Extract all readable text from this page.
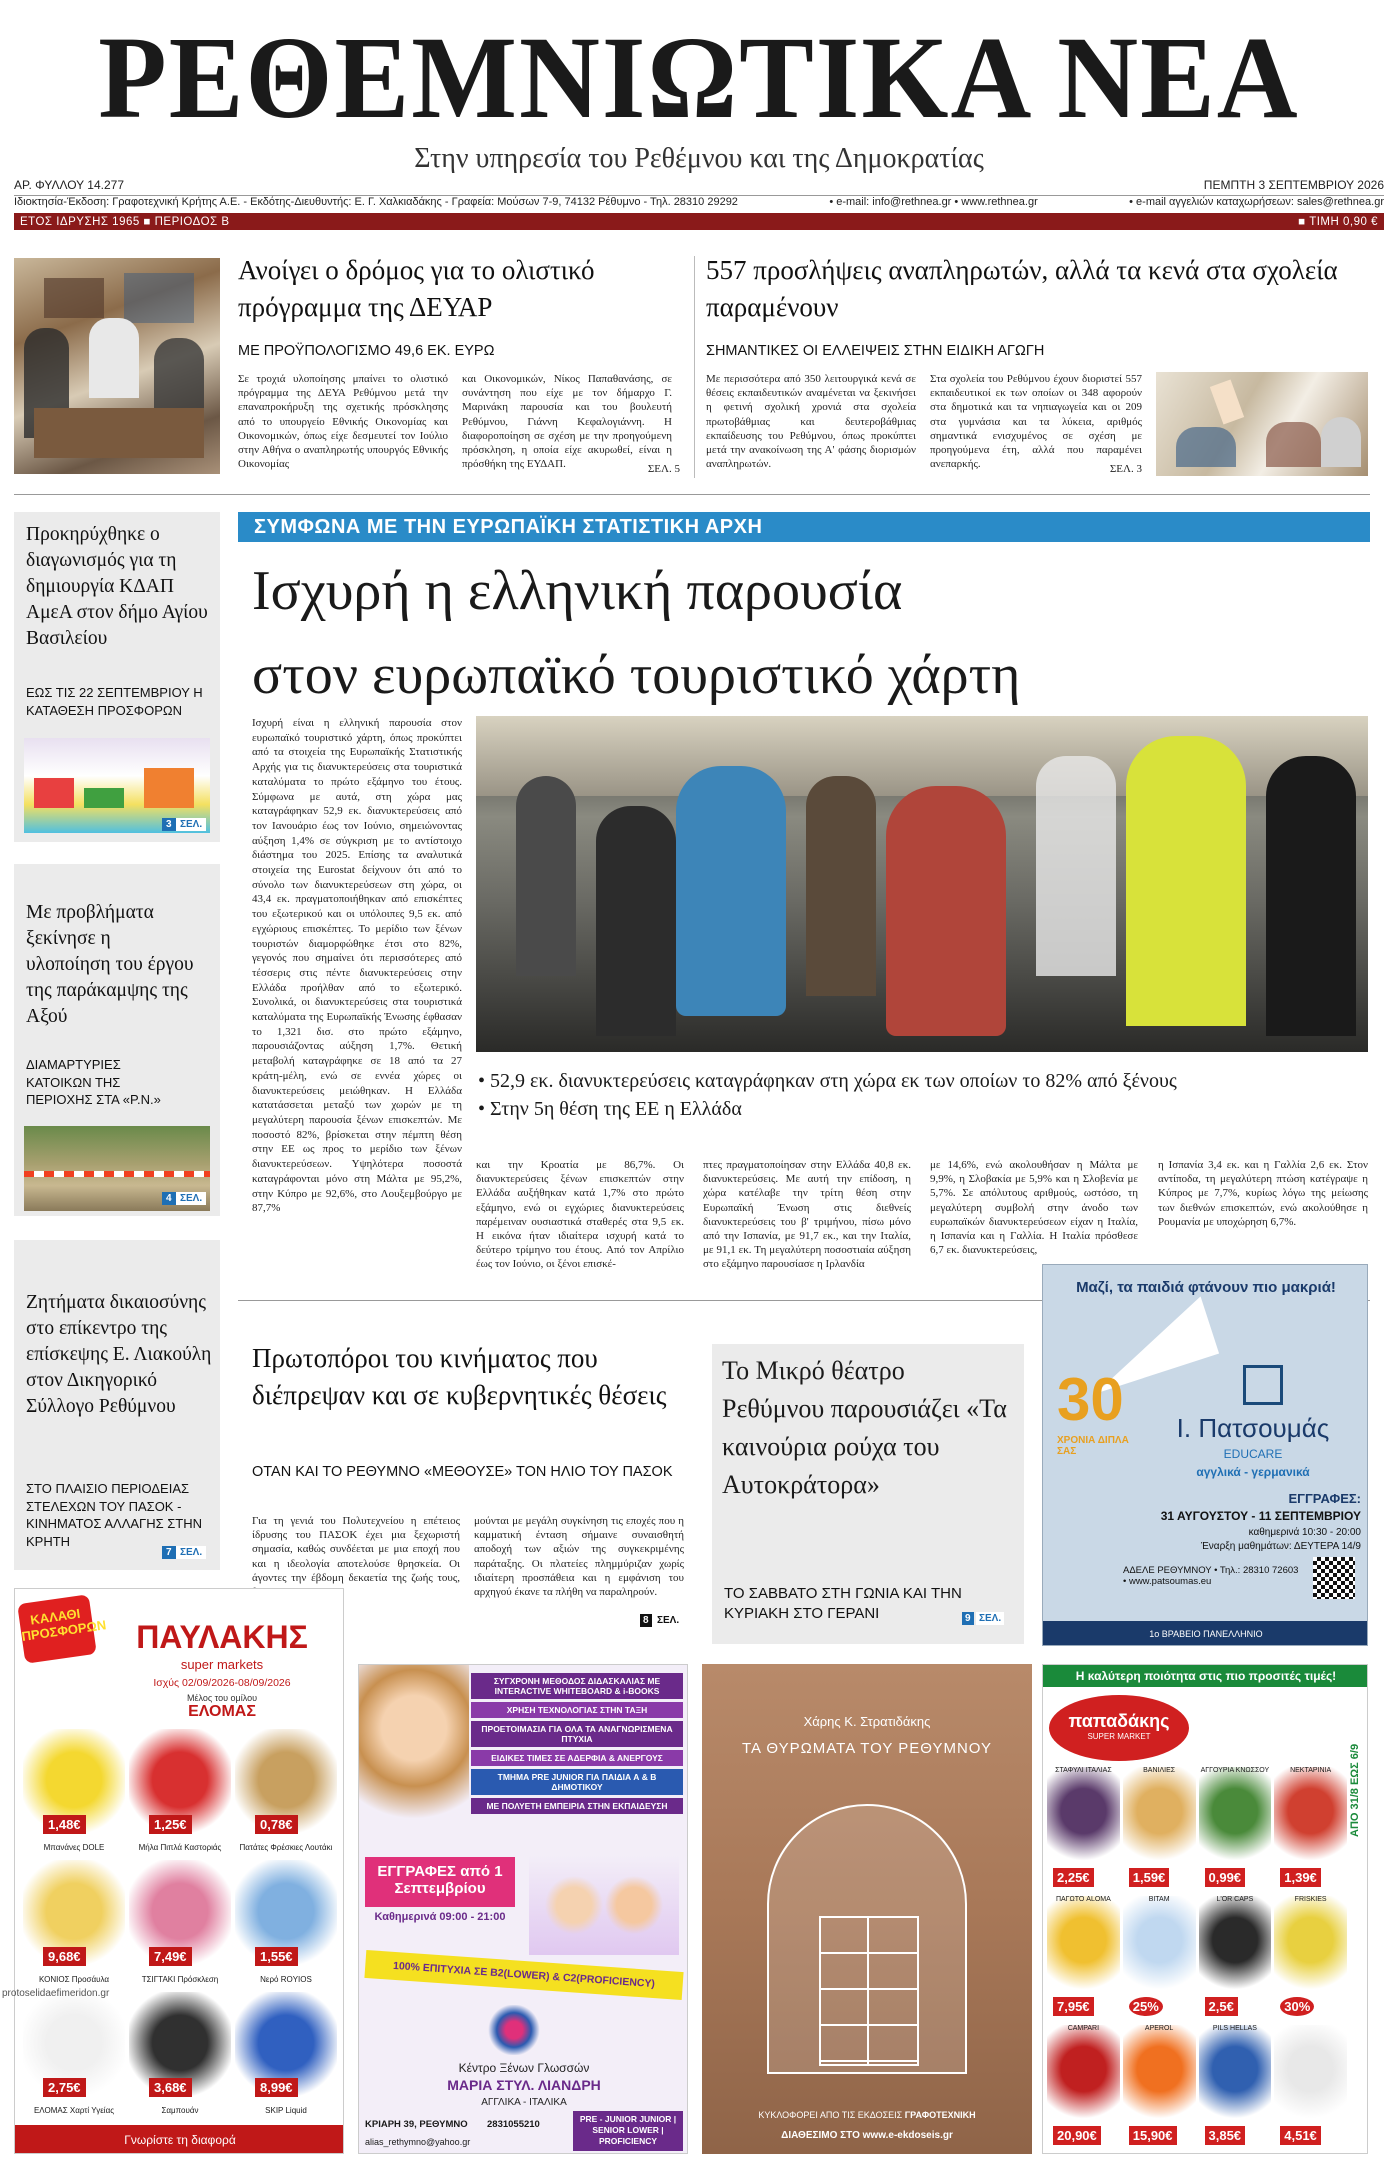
ΡΕΘΕΜΝΙΩΤΙΚΑ ΝΕΑ
Στην υπηρεσία του Ρεθέμνου και της Δημοκρατίας
ΑΡ. ΦΥΛΛΟΥ 14.277	ΠΕΜΠΤΗ 3 ΣΕΠΤΕΜΒΡΙΟΥ 2026
Ιδιοκτησία-Έκδοση: Γραφοτεχνική Κρήτης Α.Ε. - Εκδότης-Διευθυντής: Ε. Γ. Χαλκιαδάκης - Γραφεία: Μούσων 7-9, 74132 Ρέθυμνο - Τηλ. 28310 29292	• e-mail: info@rethnea.gr • www.rethnea.gr	• e-mail αγγελιών καταχωρήσεων: sales@rethnea.gr
ΕΤΟΣ ΙΔΡΥΣΗΣ 1965 ■ ΠΕΡΙΟΔΟΣ Β	■ ΤΙΜΗ 0,90 €
Ανοίγει ο δρόμος για το ολιστικό πρόγραμμα της ΔΕΥΑΡ
ΜΕ ΠΡΟΫΠΟΛΟΓΙΣΜΟ 49,6 ΕΚ. ΕΥΡΩ
Σε τροχιά υλοποίησης μπαίνει το ολιστικό πρόγραμμα της ΔΕΥΑ Ρεθύμνου μετά την επαναπροκήρυξη της σχετικής πρόσκλησης από το υπουργείο Εθνικής Οικονομίας και Οικονομικών, όπως είχε δεσμευτεί τον Ιούλιο στην Αθήνα ο αναπληρωτής υπουργός Εθνικής Οικονομίας
και Οικονομικών, Νίκος Παπαθανάσης, σε συνάντηση που είχε με τον δήμαρχο Γ. Μαρινάκη παρουσία και του βουλευτή Ρεθύμνου, Γιάννη Κεφαλογιάννη. Η διαφοροποίηση σε σχέση με την προηγούμενη πρόσκληση, η οποία είχε ακυρωθεί, είναι η πρόσθήκη της ΕΥΔΑΠ.	ΣΕΛ. 5
557 προσλήψεις αναπληρωτών, αλλά τα κενά στα σχολεία παραμένουν
ΣΗΜΑΝΤΙΚΕΣ ΟΙ ΕΛΛΕΙΨΕΙΣ ΣΤΗΝ ΕΙΔΙΚΗ ΑΓΩΓΗ
Με περισσότερα από 350 λειτουργικά κενά σε θέσεις εκπαιδευτικών αναμένεται να ξεκινήσει η φετινή σχολική χρονιά στα σχολεία πρωτοβάθμιας και δευτεροβάθμιας εκπαίδευσης του Ρεθύμνου, όπως προκύπτει μετά την ανακοίνωση της Α' φάσης διορισμών αναπληρωτών.
Στα σχολεία του Ρεθύμνου έχουν διοριστεί 557 εκπαιδευτικοί εκ των οποίων οι 348 αφορούν στα δημοτικά και τα νηπιαγωγεία και οι 209 στα γυμνάσια και τα λύκεια, αριθμός σημαντικά ενισχυμένος σε σχέση με προηγούμενα έτη, αλλά που παραμένει ανεπαρκής.	ΣΕΛ. 3
Προκηρύχθηκε ο διαγωνισμός για τη δημιουργία ΚΔΑΠ ΑμεΑ στον δήμο Αγίου Βασιλείου
ΕΩΣ ΤΙΣ 22 ΣΕΠΤΕΜΒΡΙΟΥ Η ΚΑΤΑΘΕΣΗ ΠΡΟΣΦΟΡΩΝ
3 ΣΕΛ.
Με προβλήματα ξεκίνησε η υλοποίηση του έργου της παράκαμψης της Αξού
ΔΙΑΜΑΡΤΥΡΙΕΣ ΚΑΤΟΙΚΩΝ ΤΗΣ ΠΕΡΙΟΧΗΣ ΣΤΑ «Ρ.Ν.»
4 ΣΕΛ.
Ζητήματα δικαιοσύνης στο επίκεντρο της επίσκεψης Ε. Λιακούλη στον Δικηγορικό Σύλλογο Ρεθύμνου
ΣΤΟ ΠΛΑΙΣΙΟ ΠΕΡΙΟΔΕΙΑΣ ΣΤΕΛΕΧΩΝ ΤΟΥ ΠΑΣΟΚ - ΚΙΝΗΜΑΤΟΣ ΑΛΛΑΓΗΣ ΣΤΗΝ ΚΡΗΤΗ
7 ΣΕΛ.
ΣΥΜΦΩΝΑ ΜΕ ΤΗΝ ΕΥΡΩΠΑΪΚΗ ΣΤΑΤΙΣΤΙΚΗ ΑΡΧΗ
Ισχυρή η ελληνική παρουσία
στον ευρωπαϊκό τουριστικό χάρτη
Ισχυρή είναι η ελληνική παρουσία στον ευρωπαϊκό τουριστικό χάρτη, όπως προκύπτει από τα στοιχεία της Ευρωπαϊκής Στατιστικής Αρχής για τις διανυκτερεύσεις στα τουριστικά καταλύματα το πρώτο εξάμηνο του έτους. Σύμφωνα με αυτά, στη χώρα μας καταγράφηκαν 52,9 εκ. διανυκτερεύσεις από τον Ιανουάριο έως τον Ιούνιο, σημειώνοντας αύξηση 1,4% σε σύγκριση με το αντίστοιχο διάστημα του 2025. Επίσης τα αναλυτικά στοιχεία της Eurostat δείχνουν ότι από το σύνολο των διανυκτερεύσεων στη χώρα, οι 43,4 εκ. πραγματοποιήθηκαν από επισκέπτες του εξωτερικού και οι υπόλοιπες 9,5 εκ. από εγχώριους επισκέπτες. Το μερίδιο των ξένων τουριστών διαμορφώθηκε έτσι στο 82%, γεγονός που σημαίνει ότι περισσότερες από τέσσερις στις πέντε διανυκτερεύσεις στην Ελλάδα προήλθαν από το εξωτερικό. Συνολικά, οι διανυκτερεύσεις στα τουριστικά καταλύματα της Ευρωπαϊκής Ένωσης έφθασαν το 1,321 δισ. στο πρώτο εξάμηνο, παρουσιάζοντας αύξηση 1,7%. Θετική μεταβολή καταγράφηκε σε 18 από τα 27 κράτη-μέλη, ενώ σε εννέα χώρες οι διανυκτερεύσεις μειώθηκαν. Η Ελλάδα κατατάσσεται μεταξύ των χωρών με τη μεγαλύτερη παρουσία ξένων επισκεπτών. Με ποσοστό 82%, βρίσκεται στην πέμπτη θέση στην ΕΕ ως προς το μερίδιο των ξένων διανυκτερεύσεων. Υψηλότερα ποσοστά καταγράφονται μόνο στη Μάλτα με 95,2%, στην Κύπρο με 92,6%, στο Λουξεμβούργο με 87,7%
• 52,9 εκ. διανυκτερεύσεις καταγράφηκαν στη χώρα εκ των οποίων το 82% από ξένους
• Στην 5η θέση της ΕΕ η Ελλάδα
και την Κροατία με 86,7%. Οι διανυκτερεύσεις ξένων επισκεπτών στην Ελλάδα αυξήθηκαν κατά 1,7% στο πρώτο εξάμηνο, ενώ οι εγχώριες διανυκτερεύσεις παρέμειναν ουσιαστικά σταθερές στα 9,5 εκ. Η εικόνα ήταν ιδιαίτερα ισχυρή κατά το δεύτερο τρίμηνο του έτους. Από τον Απρίλιο έως τον Ιούνιο, οι ξένοι επισκέ-
πτες πραγματοποίησαν στην Ελλάδα 40,8 εκ. διανυκτερεύσεις. Με αυτή την επίδοση, η χώρα κατέλαβε την τρίτη θέση στην Ευρωπαϊκή Ένωση στις διεθνείς διανυκτερεύσεις του β' τριμήνου, πίσω μόνο από την Ισπανία, με 91,7 εκ., και την Ιταλία, με 91,1 εκ. Τη μεγαλύτερη ποσοστιαία αύξηση στο εξάμηνο παρουσίασε η Ιρλανδία
με 14,6%, ενώ ακολουθήσαν η Μάλτα με 9,9%, η Σλοβακία με 5,9% και η Σλοβενία με 5,7%. Σε απόλυτους αριθμούς, ωστόσο, τη μεγαλύτερη συμβολή στην άνοδο των ευρωπαϊκών διανυκτερεύσεων είχαν η Ιταλία, η Ισπανία και η Γαλλία. Η Ιταλία πρόσθεσε 6,7 εκ. διανυκτερεύσεις,
η Ισπανία 3,4 εκ. και η Γαλλία 2,6 εκ. Στον αντίποδα, τη μεγαλύτερη πτώση κατέγραψε η Κύπρος με 7,7%, κυρίως λόγω της μείωσης των διεθνών επισκεπτών, ενώ ακολούθησε η Ρουμανία με υποχώρηση 6,7%.
Πρωτοπόροι του κινήματος που διέπρεψαν και σε κυβερνητικές θέσεις
ΟΤΑΝ ΚΑΙ ΤΟ ΡΕΘΥΜΝΟ «ΜΕΘΟΥΣΕ» ΤΟΝ ΗΛΙΟ ΤΟΥ ΠΑΣΟΚ
Για τη γενιά του Πολυτεχνείου η επέτειος ίδρυσης του ΠΑΣΟΚ έχει μια ξεχωριστή σημασία, καθώς συνδέεται με μια εποχή που και η ιδεολογία αποτελούσε θρησκεία. Οι άγοντες την έβδομη δεκαετία της ζωής τους,
μούνται με μεγάλη συγκίνηση τις εποχές που η καμματική ένταση σήμαινε συναισθητή αποδοχή των αξιών της συγκεκριμένης παράταξης. Οι πλατείες πλημμύριζαν χωρίς ιδιαίτερη προσπάθεια και η εμφάνιση του αρχηγού έκανε τα πλήθη να παραληρούν.
8 ΣΕΛ.
Το Μικρό θέατρο Ρεθύμνου παρουσιάζει «Τα καινούρια ρούχα του Αυτοκράτορα»
ΤΟ ΣΑΒΒΑΤΟ ΣΤΗ ΓΩΝΙΑ ΚΑΙ ΤΗΝ ΚΥΡΙΑΚΗ ΣΤΟ ΓΕΡΑΝΙ	9 ΣΕΛ.
Μαζί, τα παιδιά φτάνουν πιο μακριά!
30
ΧΡΟΝΙΑ ΔΙΠΛΑ ΣΑΣ
Ι. Πατσουμάς
EDUCARE
αγγλικά - γερμανικά
ΕΓΓΡΑΦΕΣ:
31 ΑΥΓΟΥΣΤΟΥ - 11 ΣΕΠΤΕΜΒΡΙΟΥ
καθημερινά 10:30 - 20:00
Έναρξη μαθημάτων: ΔΕΥΤΕΡΑ 14/9
ΑΔΕΛΕ ΡΕΘΥΜΝΟΥ • Τηλ.: 28310 72603 • www.patsoumas.eu
1ο ΒΡΑΒΕΙΟ ΠΑΝΕΛΛΗΝΙΟ
ΚΑΛΑΘΙ ΠΡΟΣΦΟΡΩΝ ΠΑΥΛΑΚΗΣ
super markets
Ισχύς 02/09/2026-08/09/2026
Μέλος του ομίλου
ΕΛΟΜΑΣ
1,48€
Μπανάνες DOLE
1,25€
Μήλα Πιπλά Καστοριάς
0,78€
Πατάτες Φρέσκιες Λουτάκι
9,68€
ΚΟΝΙΟΣ Προσάυλα
7,49€
ΤΣΙΓΤΑΚΙ Πρόσκλεση
1,55€
Νερό ROYIOS
2,75€
ΕΛΟΜΑΣ Χαρτί Υγείας
3,68€
Σαμπουάν
8,99€
SKIP Liquid
Γνωρίστε τη διαφορά
protoselidaefimeridon.gr
ΣΥΓΧΡΟΝΗ ΜΕΘΟΔΟΣ ΔΙΔΑΣΚΑΛΙΑΣ ΜΕ INTERACTIVE WHITEBOARD & i-BOOKS
ΧΡΗΣΗ ΤΕΧΝΟΛΟΓΙΑΣ ΣΤΗΝ ΤΑΞΗ
ΠΡΟΕΤΟΙΜΑΣΙΑ ΓΙΑ ΟΛΑ ΤΑ ΑΝΑΓΝΩΡΙΣΜΕΝΑ ΠΤΥΧΙΑ
ΕΙΔΙΚΕΣ ΤΙΜΕΣ ΣΕ ΑΔΕΡΦΙΑ & ΑΝΕΡΓΟΥΣ
ΤΜΗΜΑ PRE JUNIOR ΓΙΑ ΠΑΙΔΙΑ Α & Β ΔΗΜΟΤΙΚΟΥ
ΜΕ ΠΟΛΥΕΤΗ ΕΜΠΕΙΡΙΑ ΣΤΗΝ ΕΚΠΑΙΔΕΥΣΗ
ΕΓΓΡΑΦΕΣ από 1 Σεπτεμβρίου
Καθημερινά 09:00 - 21:00
100% ΕΠΙΤΥΧΙΑ ΣΕ B2(LOWER) & C2(PROFICIENCY)
Κέντρο Ξένων Γλωσσών
ΜΑΡΙΑ ΣΤΥΛ. ΛΙΑΝΔΡΗ
ΑΓΓΛΙΚΑ - ΙΤΑΛΙΚΑ
ΚΡΙΑΡΗ 39, ΡΕΘΥΜΝΟ	2831055210
alias_rethymno@yahoo.gr
PRE - JUNIOR JUNIOR | SENIOR LOWER | PROFICIENCY
Χάρης Κ. Στρατιδάκης
ΤΑ ΘΥΡΩΜΑΤΑ ΤΟΥ ΡΕΘΥΜΝΟΥ
ΚΥΚΛΟΦΟΡΕΙ ΑΠΟ ΤΙΣ ΕΚΔΟΣΕΙΣ ΓΡΑΦΟΤΕΧΝΙΚΗ
ΔΙΑΘΕΣΙΜΟ ΣΤΟ www.e-ekdoseis.gr
Η καλύτερη ποιότητα στις πιο προσιτές τιμές!
παπαδάκης
SUPER MARKET
ΑΠΟ 31/8 ΕΩΣ 6/9
ΣΤΑΦΥΛΙ ΙΤΑΛΙΑΣ
2,25€
ΒΑΝΙΛΙΕΣ
1,59€
ΑΓΓΟΥΡΙΑ ΚΝΩΣΣΟΥ
0,99€
ΝΕΚΤΑΡΙΝΙΑ
1,39€
ΠΑΓΩΤΟ ALOMA
7,95€
ΒΙΤΑΜ
25%
L'OR CAPS
2,5€
FRISKIES
30%
CAMPARI
20,90€
APEROL
15,90€
PILS HELLAS
3,85€	4,51€
